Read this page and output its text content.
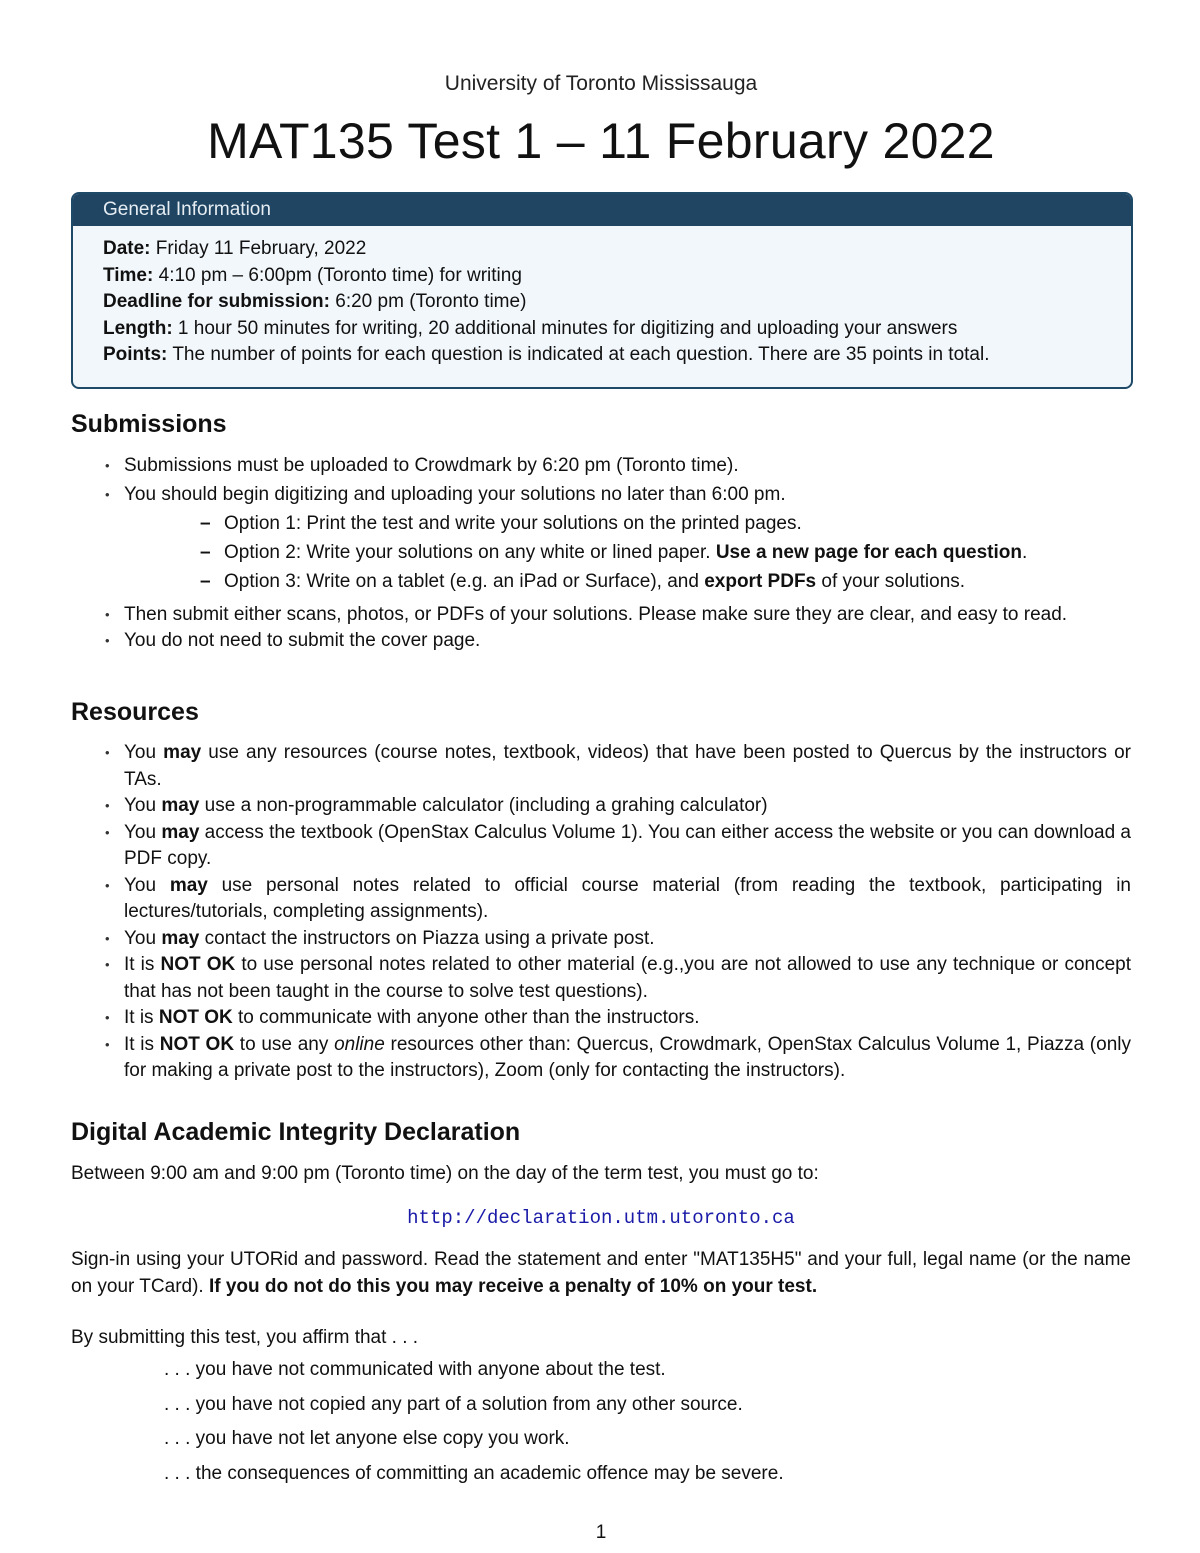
University of Toronto Mississauga
MAT135 Test 1 – 11 February 2022
General Information
Date: Friday 11 February, 2022
Time: 4:10 pm – 6:00pm (Toronto time) for writing
Deadline for submission: 6:20 pm (Toronto time)
Length: 1 hour 50 minutes for writing, 20 additional minutes for digitizing and uploading your answers
Points: The number of points for each question is indicated at each question. There are 35 points in total.
Submissions
• Submissions must be uploaded to Crowdmark by 6:20 pm (Toronto time).
• You should begin digitizing and uploading your solutions no later than 6:00 pm.
– Option 1: Print the test and write your solutions on the printed pages.
– Option 2: Write your solutions on any white or lined paper. Use a new page for each question.
– Option 3: Write on a tablet (e.g. an iPad or Surface), and export PDFs of your solutions.
• Then submit either scans, photos, or PDFs of your solutions. Please make sure they are clear, and easy to read.
• You do not need to submit the cover page.
Resources
• You may use any resources (course notes, textbook, videos) that have been posted to Quercus by the instructors or TAs.
• You may use a non-programmable calculator (including a grahing calculator)
• You may access the textbook (OpenStax Calculus Volume 1). You can either access the website or you can download a PDF copy.
• You may use personal notes related to official course material (from reading the textbook, participating in lectures/tutorials, completing assignments).
• You may contact the instructors on Piazza using a private post.
• It is NOT OK to use personal notes related to other material (e.g.,you are not allowed to use any technique or concept that has not been taught in the course to solve test questions).
• It is NOT OK to communicate with anyone other than the instructors.
• It is NOT OK to use any online resources other than: Quercus, Crowdmark, OpenStax Calculus Volume 1, Piazza (only for making a private post to the instructors), Zoom (only for contacting the instructors).
Digital Academic Integrity Declaration
Between 9:00 am and 9:00 pm (Toronto time) on the day of the term test, you must go to:
http://declaration.utm.utoronto.ca
Sign-in using your UTORid and password. Read the statement and enter "MAT135H5" and your full, legal name (or the name on your TCard). If you do not do this you may receive a penalty of 10% on your test.
By submitting this test, you affirm that . . .
. . . you have not communicated with anyone about the test.
. . . you have not copied any part of a solution from any other source.
. . . you have not let anyone else copy you work.
. . . the consequences of committing an academic offence may be severe.
1
